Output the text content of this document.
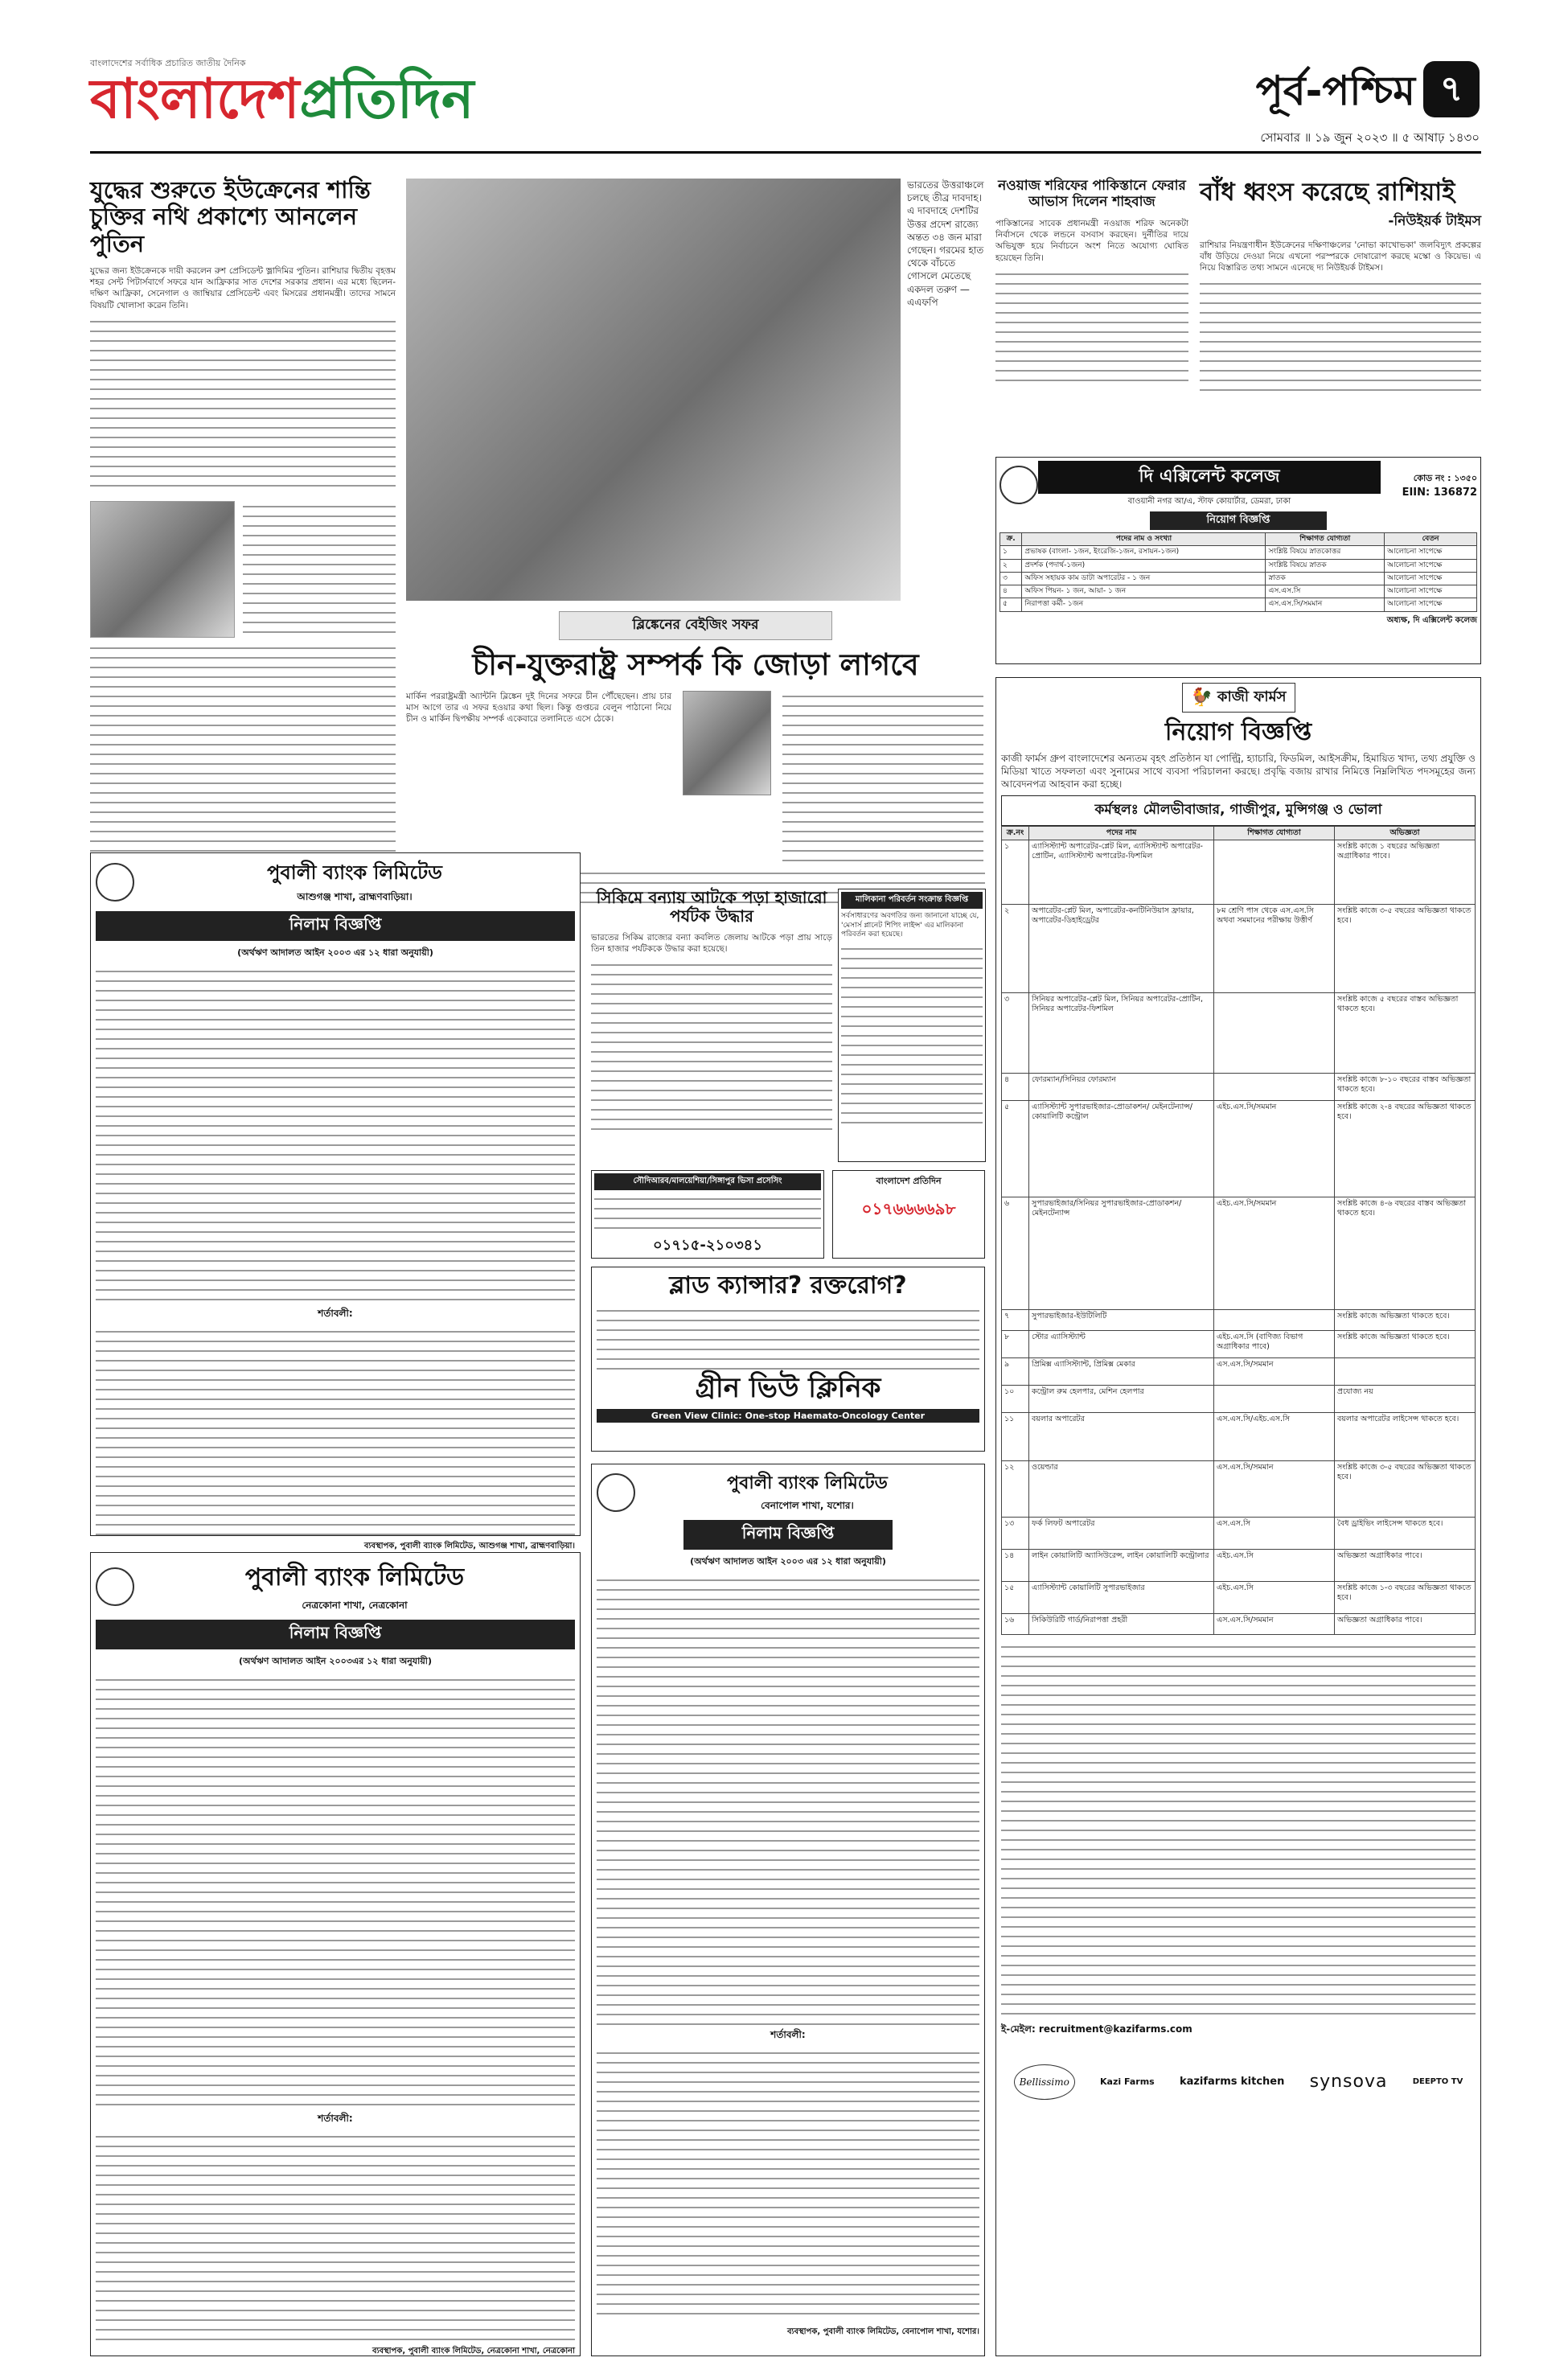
বাংলাদেশের সর্বাধিক প্রচারিত জাতীয় দৈনিক
বাংলাদেশপ্রতিদিন	পূর্ব-পশ্চিম ৭
সোমবার ॥ ১৯ জুন ২০২৩ ॥ ৫ আষাঢ় ১৪৩০
যুদ্ধের শুরুতে ইউক্রেনের শান্তি চুক্তির নথি প্রকাশ্যে আনলেন পুতিন
যুদ্ধের জন্য ইউক্রেনকে দায়ী করলেন রুশ প্রেসিডেন্ট ভ্লাদিমির পুতিন। রাশিয়ার দ্বিতীয় বৃহত্তম শহর সেন্ট পিটার্সবার্গে সফরে যান আফ্রিকার সাত দেশের সরকার প্রধান। এর মধ্যে ছিলেন- দক্ষিণ আফ্রিকা, সেনেগাল ও জাম্বিয়ার প্রেসিডেন্ট এবং মিসরের প্রধানমন্ত্রী। তাদের সামনে বিষয়টি খোলাসা করেন তিনি।
ভারতের উত্তরাঞ্চলে চলছে তীব্র দাবদাহ। এ দাবদাহে দেশটির উত্তর প্রদেশ রাজ্যে অন্তত ৩৪ জন মারা গেছেন। গরমের হাত থেকে বাঁচতে গোসলে মেতেছে একদল তরুণ —এএফপি
নওয়াজ শরিফের পাকিস্তানে ফেরার আভাস দিলেন শাহবাজ
পাকিস্তানের সাবেক প্রধানমন্ত্রী নওয়াজ শরিফ অনেকটা নির্বাসনে থেকে লন্ডনে বসবাস করছেন। দুর্নীতির দায়ে অভিযুক্ত হয়ে নির্বাচনে অংশ নিতে অযোগ্য ঘোষিত হয়েছেন তিনি।
বাঁধ ধ্বংস করেছে রাশিয়াই
-নিউইয়র্ক টাইমস
রাশিয়ার নিয়ন্ত্রণাধীন ইউক্রেনের দক্ষিণাঞ্চলের 'নোভা কাখোভকা' জলবিদ্যুৎ প্রকল্পের বাঁধ উড়িয়ে দেওয়া নিয়ে এখনো পরস্পরকে দোষারোপ করছে মস্কো ও কিয়েভ। এ নিয়ে বিস্তারিত তথ্য সামনে এনেছে দ্য নিউইয়র্ক টাইমস।
ব্লিঙ্কেনের বেইজিং সফর
চীন-যুক্তরাষ্ট্র সম্পর্ক কি জোড়া লাগবে
মার্কিন পররাষ্ট্রমন্ত্রী অ্যান্টনি ব্লিঙ্কেন দুই দিনের সফরে চীন পৌঁছেছেন। প্রায় চার মাস আগে তার এ সফর হওয়ার কথা ছিল। কিন্তু গুপ্তচর বেলুন পাঠানো নিয়ে চীন ও মার্কিন দ্বিপক্ষীয় সম্পর্ক একেবারে তলানিতে এসে ঠেকে।
দি এক্সিলেন্ট কলেজ
বাওয়ানী নগর আ/এ, স্টাফ কোয়ার্টার, ডেমরা, ঢাকা
কোড নং : ১৩৫০
EIIN: 136872
নিয়োগ বিজ্ঞপ্তি
ক্র.	পদের নাম ও সংখ্যা	শিক্ষাগত যোগ্যতা	বেতন
১	প্রভাষক (বাংলা- ১জন, ইংরেজি-১জন, রসায়ন-১জন)	সংশ্লিষ্ট বিষয়ে স্নাতকোত্তর	আলোচনা সাপেক্ষে
২	প্রদর্শক (পদার্থ-১জন)	সংশ্লিষ্ট বিষয়ে স্নাতক	আলোচনা সাপেক্ষে
৩	অফিস সহায়ক কাম ডাটা অপারেটর - ১ জন	স্নাতক	আলোচনা সাপেক্ষে
৪	অফিস পিয়ন- ১ জন, আয়া- ১ জন	এস.এস.সি	আলোচনা সাপেক্ষে
৫	নিরাপত্তা কর্মী- ১জন	এস.এস.সি/সমমান	আলোচনা সাপেক্ষে
অধ্যক্ষ, দি এক্সিলেন্ট কলেজ
🐓 কাজী ফার্মস
নিয়োগ বিজ্ঞপ্তি
কাজী ফার্মস গ্রুপ বাংলাদেশের অন্যতম বৃহৎ প্রতিষ্ঠান যা পোল্ট্রি, হ্যাচারি, ফিডমিল, আইসক্রীম, হিমায়িত খাদ্য, তথ্য প্রযুক্তি ও মিডিয়া খাতে সফলতা এবং সুনামের সাথে ব্যবসা পরিচালনা করছে। প্রবৃদ্ধি বজায় রাখার নিমিত্তে নিম্নলিখিত পদসমূহের জন্য আবেদনপত্র আহবান করা হচ্ছে।
কর্মস্থলঃ মৌলভীবাজার, গাজীপুর, মুন্সিগঞ্জ ও ভোলা
ক্র.নং	পদের নাম	শিক্ষাগত যোগ্যতা	অভিজ্ঞতা
১	এ্যাসিস্ট্যান্ট অপারেটর-প্লেট মিল, এ্যাসিস্ট্যান্ট অপারেটর-প্রোটিন, এ্যাসিস্ট্যান্ট অপারেটর-ফিশমিল		সংশ্লিষ্ট কাজে ১ বছরের অভিজ্ঞতা অগ্রাধিকার পাবে।
২	অপারেটর-প্লেট মিল, অপারেটর-কনটিনিউয়াস ফ্রায়ার, অপারেটর-ডিহাইড্রেটর	৮ম শ্রেণি পাস থেকে এস.এস.সি অথবা সমমানের পরীক্ষায় উত্তীর্ণ	সংশ্লিষ্ট কাজে ৩-৫ বছরের অভিজ্ঞতা থাকতে হবে।
৩	সিনিয়র অপারেটর-প্লেট মিল, সিনিয়র অপারেটর-প্রোটিন, সিনিয়র অপারেটর-ফিশমিল		সংশ্লিষ্ট কাজে ৫ বছরের বাস্তব অভিজ্ঞতা থাকতে হবে।
৪	ফোরম্যান/সিনিয়র ফোরম্যান		সংশ্লিষ্ট কাজে ৮-১০ বছরের বাস্তব অভিজ্ঞতা থাকতে হবে।
৫	এ্যাসিস্ট্যান্ট সুপারভাইজার-প্রোডাকশন/ মেইনটেন্যান্স/ কোয়ালিটি কন্ট্রোল	এইচ.এস.সি/সমমান	সংশ্লিষ্ট কাজে ২-৪ বছরের অভিজ্ঞতা থাকতে হবে।
৬	সুপারভাইজার/সিনিয়র সুপারভাইজার-প্রোডাকশন/মেইনটেন্যান্স	এইচ.এস.সি/সমমান	সংশ্লিষ্ট কাজে ৪-৬ বছরের বাস্তব অভিজ্ঞতা থাকতে হবে।
৭	সুপারভাইজার-ইউটিলিটি		সংশ্লিষ্ট কাজে অভিজ্ঞতা থাকতে হবে।
৮	স্টোর এ্যাসিস্ট্যান্ট	এইচ.এস.সি (বাণিজ্য বিভাগ অগ্রাধিকার পাবে)	সংশ্লিষ্ট কাজে অভিজ্ঞতা থাকতে হবে।
৯	প্রিমিক্স এ্যাসিস্ট্যান্ট, প্রিমিক্স মেকার	এস.এস.সি/সমমান	
১০	কন্ট্রোল রুম হেলপার, মেশিন হেলপার		প্রযোজ্য নয়
১১	বয়লার অপারেটর	এস.এস.সি/এইচ.এস.সি	বয়লার অপারেটর লাইসেন্স থাকতে হবে।
১২	ওয়েল্ডার	এস.এস.সি/সমমান	সংশ্লিষ্ট কাজে ৩-৫ বছরের অভিজ্ঞতা থাকতে হবে।
১৩	ফর্ক লিফট অপারেটর	এস.এস.সি	বৈধ ড্রাইভিং লাইসেন্স থাকতে হবে।
১৪	লাইন কোয়ালিটি অ্যাসিউরেন্স, লাইন কোয়ালিটি কন্ট্রোলার	এইচ.এস.সি	অভিজ্ঞতা অগ্রাধিকার পাবে।
১৫	এ্যাসিস্ট্যান্ট কোয়ালিটি সুপারভাইজার	এইচ.এস.সি	সংশ্লিষ্ট কাজে ১-৩ বছরের অভিজ্ঞতা থাকতে হবে।
১৬	সিকিউরিটি গার্ড/নিরাপত্তা প্রহরী	এস.এস.সি/সমমান	অভিজ্ঞতা অগ্রাধিকার পাবে।
ই-মেইল: recruitment@kazifarms.com
Bellissimo	Kazi Farms kazifarms kitchen synsova	DEEPTO TV
পুবালী ব্যাংক লিমিটেড
আশুগঞ্জ শাখা, ব্রাহ্মণবাড়িয়া।
নিলাম বিজ্ঞপ্তি
(অর্থঋণ আদালত আইন ২০০৩ এর ১২ ধারা অনুযায়ী)
শর্তাবলী:
ব্যবস্থাপক, পুবালী ব্যাংক লিমিটেড, আশুগঞ্জ শাখা, ব্রাহ্মণবাড়িয়া।
সিকিমে বন্যায় আটকে পড়া হাজারো পর্যটক উদ্ধার
ভারতের সিকিম রাজ্যের বন্যা কবলিত জেলায় আটকে পড়া প্রায় সাড়ে তিন হাজার পর্যটককে উদ্ধার করা হয়েছে।
মালিকানা পরিবর্তন সংক্রান্ত বিজ্ঞপ্তি
সর্বসাধারণের অবগতির জন্য জানানো যাচ্ছে যে, 'মেসার্স প্লানেট শিপিং লাইন্স' এর মালিকানা পরিবর্তন করা হয়েছে।
সৌদিআরব/মালয়েশিয়া/সিঙ্গাপুর ভিসা প্রসেসিং
০১৭১৫-২১০৩৪১
বাংলাদেশ প্রতিদিন
০১৭৬৬৬৬৯৮
ব্লাড ক্যান্সার? রক্তরোগ?
গ্রীন ভিউ ক্লিনিক
Green View Clinic: One-stop Haemato-Oncology Center
পুবালী ব্যাংক লিমিটেড
নেত্রকোনা শাখা, নেত্রকোনা
নিলাম বিজ্ঞপ্তি
(অর্থঋণ আদালত আইন ২০০৩এর ১২ ধারা অনুযায়ী)
শর্তাবলী:
ব্যবস্থাপক, পুবালী ব্যাংক লিমিটেড, নেত্রকোনা শাখা, নেত্রকোনা
পুবালী ব্যাংক লিমিটেড
বেনাপোল শাখা, যশোর।
নিলাম বিজ্ঞপ্তি
(অর্থঋণ আদালত আইন ২০০৩ এর ১২ ধারা অনুযায়ী)
শর্তাবলী:
ব্যবস্থাপক, পুবালী ব্যাংক লিমিটেড, বেনাপোল শাখা, যশোর।
